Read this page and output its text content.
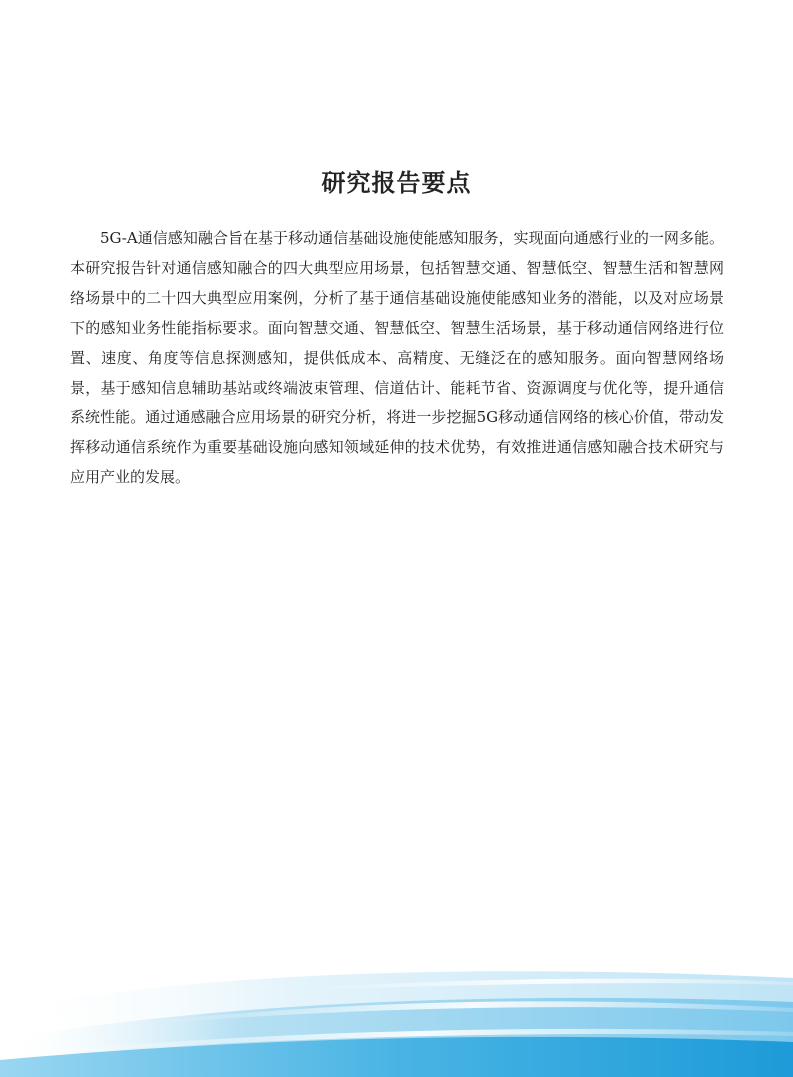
研究报告要点

5G-A通信感知融合旨在基于移动通信基础设施使能感知服务，实现面向通感行业的一网多能。本研究报告针对通信感知融合的四大典型应用场景，包括智慧交通、智慧低空、智慧生活和智慧网络场景中的二十四大典型应用案例，分析了基于通信基础设施使能感知业务的潜能，以及对应场景下的感知业务性能指标要求。面向智慧交通、智慧低空、智慧生活场景，基于移动通信网络进行位置、速度、角度等信息探测感知，提供低成本、高精度、无缝泛在的感知服务。面向智慧网络场景，基于感知信息辅助基站或终端波束管理、信道估计、能耗节省、资源调度与优化等，提升通信系统性能。通过通感融合应用场景的研究分析，将进一步挖掘5G移动通信网络的核心价值，带动发挥移动通信系统作为重要基础设施向感知领域延伸的技术优势，有效推进通信感知融合技术研究与应用产业的发展。
